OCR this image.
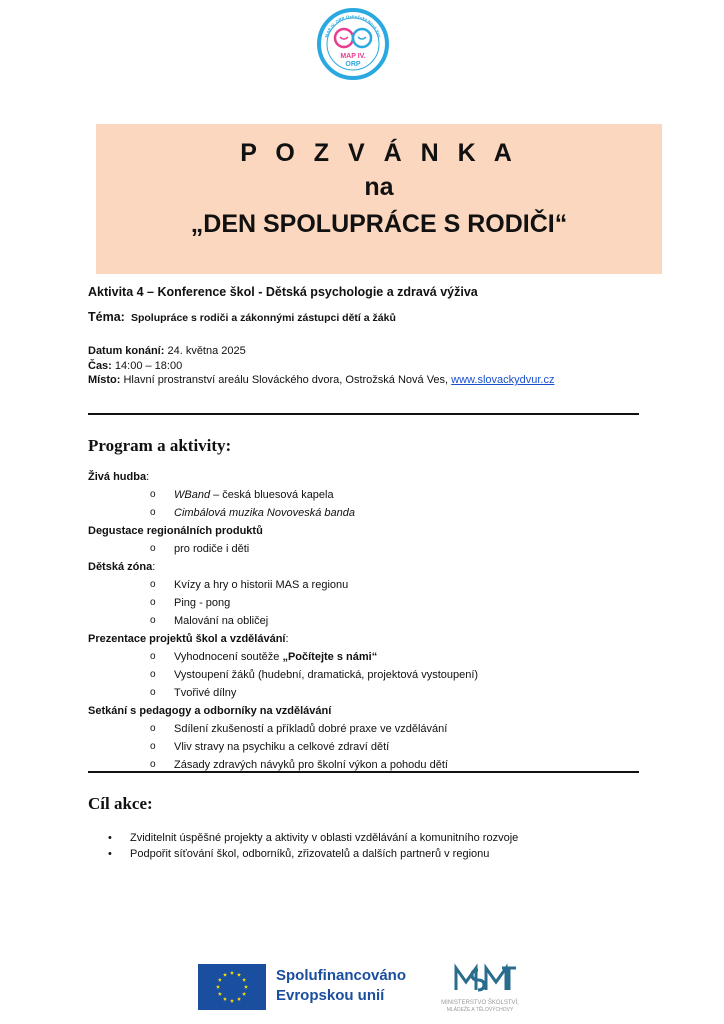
MAP IV.
ORP
MAP IV. ORP Ostrožská Nová Ves
P O Z V Á N K A
na
„DEN SPOLUPRÁCE S RODIČI“
Aktivita 4 – Konference škol - Dětská psychologie a zdravá výživa
Téma: Spolupráce s rodiči a zákonnými zástupci dětí a žáků
Datum konání: 24. května 2025
Čas: 14:00 – 18:00
Místo: Hlavní prostranství areálu Slováckého dvora, Ostrožská Nová Ves, www.slovackydvur.cz
Program a aktivity:
Živá hudba:
o WBand – česká bluesová kapela
o Cimbálová muzika Novoveská banda
Degustace regionálních produktů
o pro rodiče i děti
Dětská zóna:
o Kvízy a hry o historii MAS a regionu
o Ping - pong
o Malování na obličej
Prezentace projektů škol a vzdělávání:
o Vyhodnocení soutěže „Počítejte s námi“
o Vystoupení žáků (hudební, dramatická, projektová vystoupení)
o Tvořivé dílny
Setkání s pedagogy a odborníky na vzdělávání
o Sdílení zkušeností a příkladů dobré praxe ve vzdělávání
o Vliv stravy na psychiku a celkové zdraví dětí
o Zásady zdravých návyků pro školní výkon a pohodu dětí
Cíl akce:
• Zviditelnit úspěšné projekty a aktivity v oblasti vzdělávání a komunitního rozvoje
• Podpořit síťování škol, odborníků, zřizovatelů a dalších partnerů v regionu
Spolufinancováno
Evropskou unií	MINISTERSTVO ŠKOLSTVÍ,
MLÁDEŽE A TĚLOVÝCHOVY
